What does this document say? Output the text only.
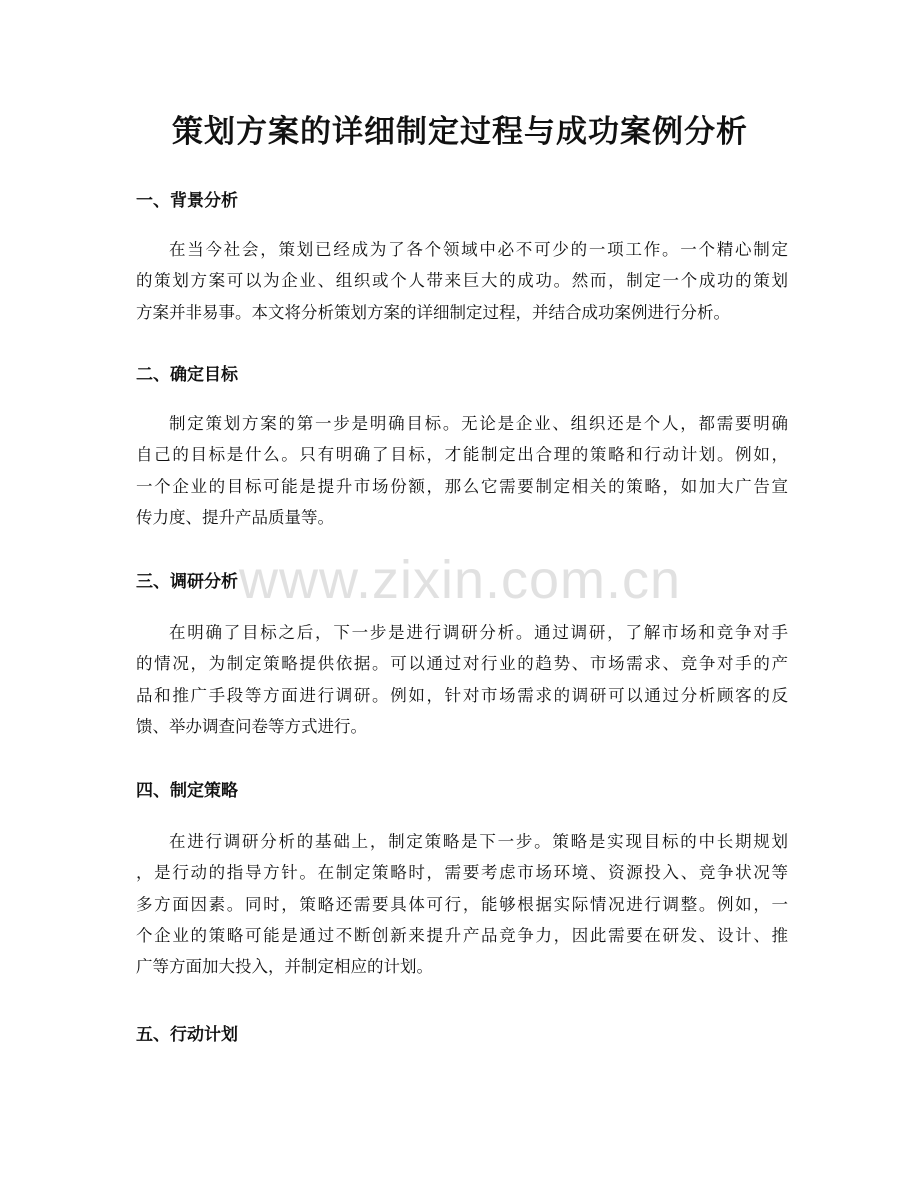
策划方案的详细制定过程与成功案例分析
一、背景分析
在当今社会，策划已经成为了各个领域中必不可少的一项工作。一个精心制定
的策划方案可以为企业、组织或个人带来巨大的成功。然而，制定一个成功的策划
方案并非易事。本文将分析策划方案的详细制定过程，并结合成功案例进行分析。
二、确定目标
制定策划方案的第一步是明确目标。无论是企业、组织还是个人，都需要明确
自己的目标是什么。只有明确了目标，才能制定出合理的策略和行动计划。例如，
一个企业的目标可能是提升市场份额，那么它需要制定相关的策略，如加大广告宣
传力度、提升产品质量等。
三、调研分析
在明确了目标之后，下一步是进行调研分析。通过调研，了解市场和竞争对手
的情况，为制定策略提供依据。可以通过对行业的趋势、市场需求、竞争对手的产
品和推广手段等方面进行调研。例如，针对市场需求的调研可以通过分析顾客的反
馈、举办调查问卷等方式进行。
四、制定策略
在进行调研分析的基础上，制定策略是下一步。策略是实现目标的中长期规划
，是行动的指导方针。在制定策略时，需要考虑市场环境、资源投入、竞争状况等
多方面因素。同时，策略还需要具体可行，能够根据实际情况进行调整。例如，一
个企业的策略可能是通过不断创新来提升产品竞争力，因此需要在研发、设计、推
广等方面加大投入，并制定相应的计划。
五、行动计划
www.zixin.com.cn
